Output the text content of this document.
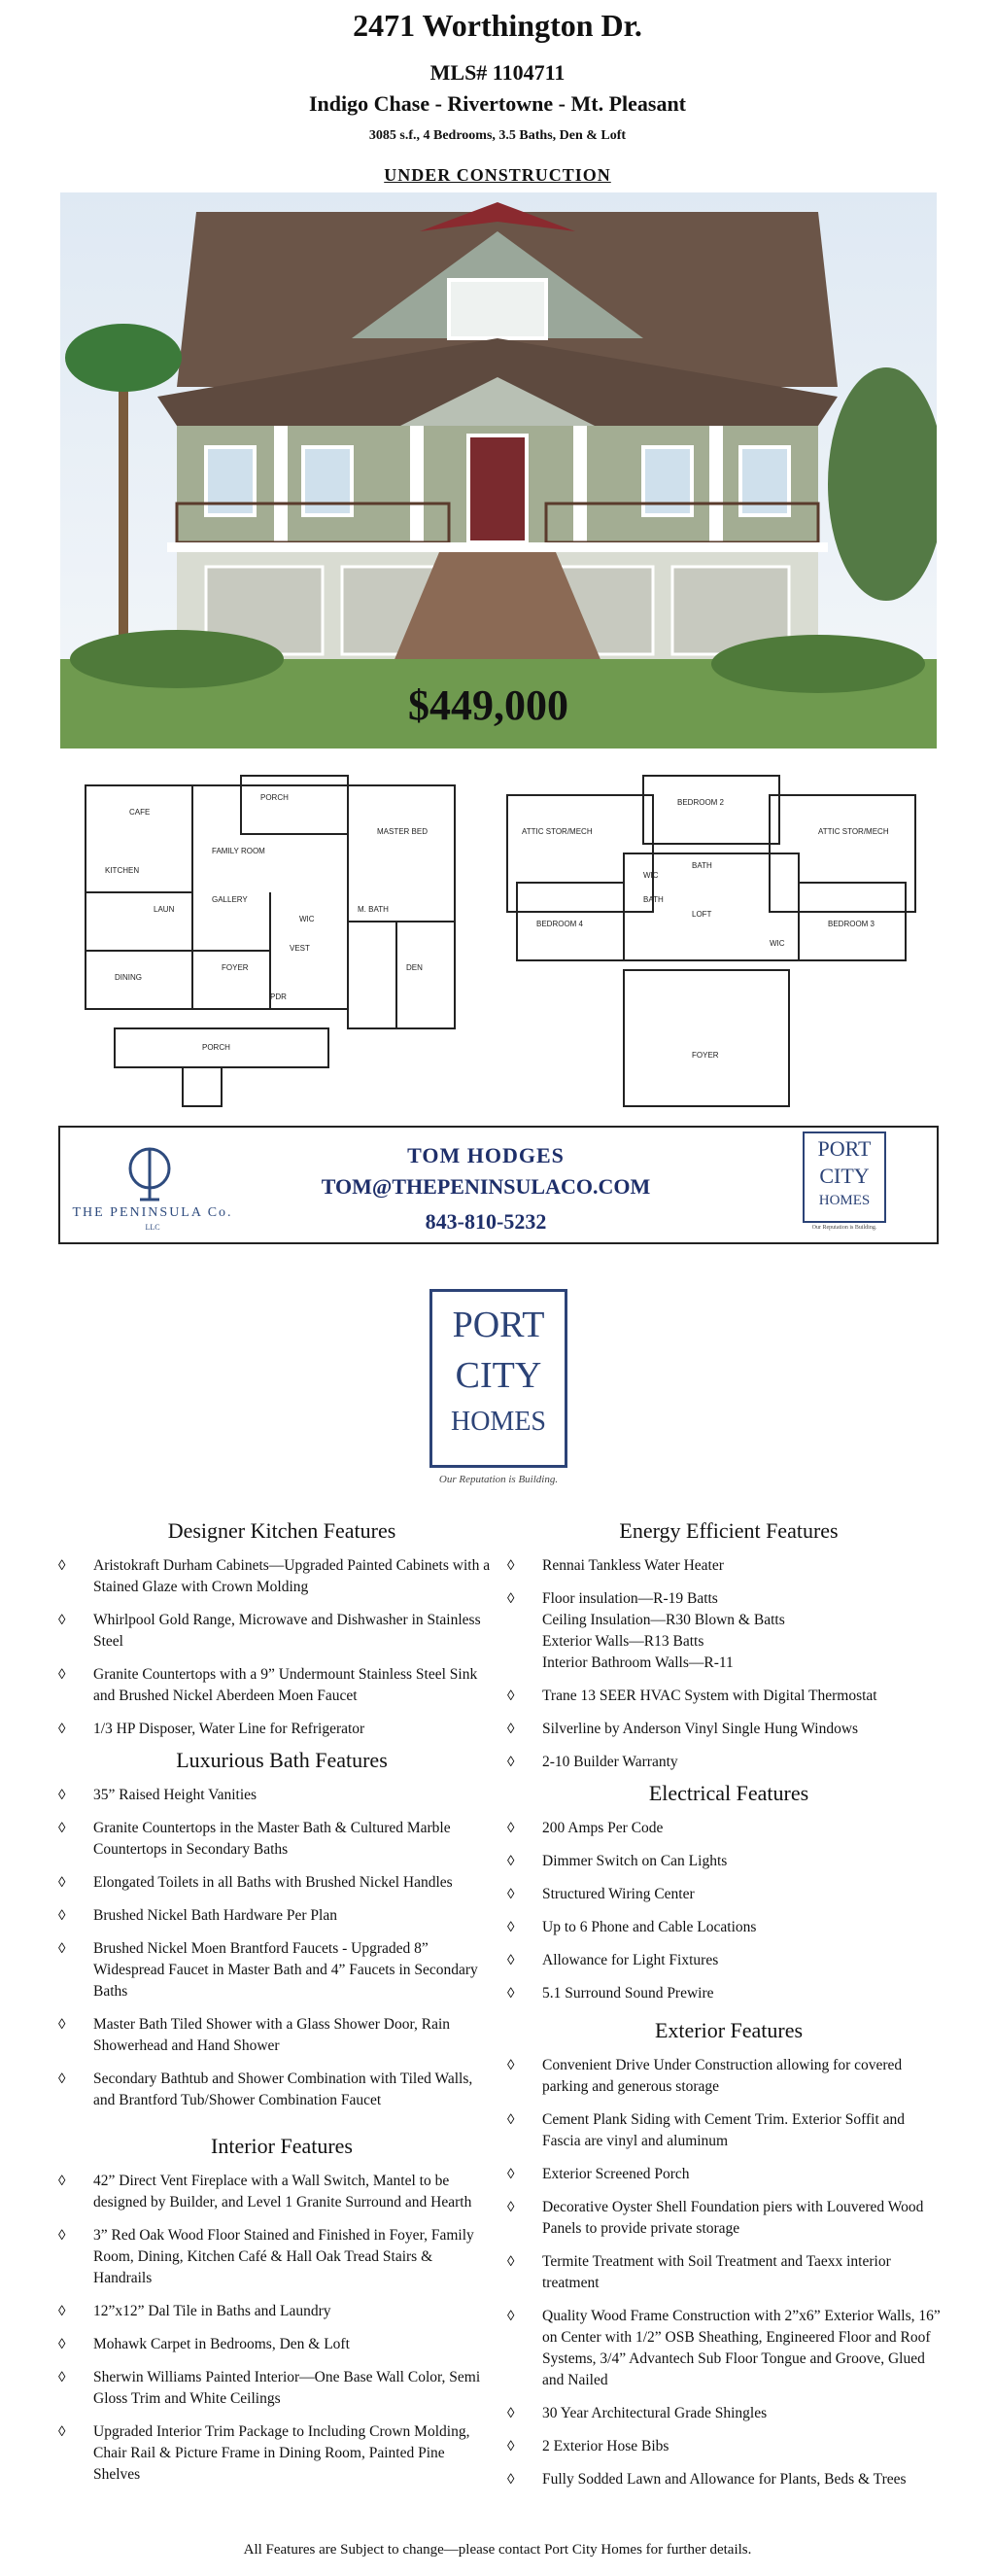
2471 Worthington Dr.
MLS# 1104711
Indigo Chase - Rivertowne - Mt. Pleasant
3085 s.f., 4 Bedrooms, 3.5 Baths, Den & Loft
UNDER CONSTRUCTION
$449,000
PORCH
CAFE
FAMILY ROOM
KITCHEN
MASTER BED
LAUN
GALLERY
M. BATH
WIC
VEST
DINING
FOYER	DEN
PDR
PORCH
BEDROOM 2
ATTIC STOR/MECH	ATTIC STOR/MECH
BATH
WIC
BEDROOM 4
LOFT
BEDROOM 3
BATH
WIC
FOYER
THE PENINSULA Co.
LLC
TOM HODGES
TOM@THEPENINSULACO.COM
843-810-5232
PORT
CITY
HOMES
Our Reputation is Building.
PORT
CITY
HOMES
Our Reputation is Building.
Designer Kitchen Features
◊ Aristokraft Durham Cabinets—Upgraded Painted Cabinets with a Stained Glaze with Crown Molding
◊ Whirlpool Gold Range, Microwave and Dishwasher in Stainless Steel
◊ Granite Countertops with a 9” Undermount Stainless Steel Sink and Brushed Nickel Aberdeen Moen Faucet
◊ 1/3 HP Disposer, Water Line for Refrigerator
Luxurious Bath Features
◊ 35” Raised Height Vanities
◊ Granite Countertops in the Master Bath & Cultured Marble Countertops in Secondary Baths
◊ Elongated Toilets in all Baths with Brushed Nickel Handles
◊ Brushed Nickel Bath Hardware Per Plan
◊ Brushed Nickel Moen Brantford Faucets - Upgraded 8” Widespread Faucet in Master Bath and 4” Faucets in Secondary Baths
◊ Master Bath Tiled Shower with a Glass Shower Door, Rain Showerhead and Hand Shower
◊ Secondary Bathtub and Shower Combination with Tiled Walls, and Brantford Tub/Shower Combination Faucet
Interior Features
◊ 42” Direct Vent Fireplace with a Wall Switch, Mantel to be designed by Builder, and Level 1 Granite Surround and Hearth
◊ 3” Red Oak Wood Floor Stained and Finished in Foyer, Family Room, Dining, Kitchen Café & Hall Oak Tread Stairs & Handrails
◊ 12”x12” Dal Tile in Baths and Laundry
◊ Mohawk Carpet in Bedrooms, Den & Loft
◊ Sherwin Williams Painted Interior—One Base Wall Color, Semi Gloss Trim and White Ceilings
◊ Upgraded Interior Trim Package to Including Crown Molding, Chair Rail & Picture Frame in Dining Room, Painted Pine Shelves
Energy Efficient Features
◊ Rennai Tankless Water Heater
◊ Floor insulation—R-19 Batts
Ceiling Insulation—R30 Blown & Batts
Exterior Walls—R13 Batts
Interior Bathroom Walls—R-11
◊ Trane 13 SEER HVAC System with Digital Thermostat
◊ Silverline by Anderson Vinyl Single Hung Windows
◊ 2-10 Builder Warranty
Electrical Features
◊ 200 Amps Per Code
◊ Dimmer Switch on Can Lights
◊ Structured Wiring Center
◊ Up to 6 Phone and Cable Locations
◊ Allowance for Light Fixtures
◊ 5.1 Surround Sound Prewire
Exterior Features
◊ Convenient Drive Under Construction allowing for covered parking and generous storage
◊ Cement Plank Siding with Cement Trim. Exterior Soffit and Fascia are vinyl and aluminum
◊ Exterior Screened Porch
◊ Decorative Oyster Shell Foundation piers with Louvered Wood Panels to provide private storage
◊ Termite Treatment with Soil Treatment and Taexx interior treatment
◊ Quality Wood Frame Construction with 2”x6” Exterior Walls, 16” on Center with 1/2” OSB Sheathing, Engineered Floor and Roof Systems, 3/4” Advantech Sub Floor Tongue and Groove, Glued and Nailed
◊ 30 Year Architectural Grade Shingles
◊ 2 Exterior Hose Bibs
◊ Fully Sodded Lawn and Allowance for Plants, Beds & Trees
All Features are Subject to change—please contact Port City Homes for further details.
